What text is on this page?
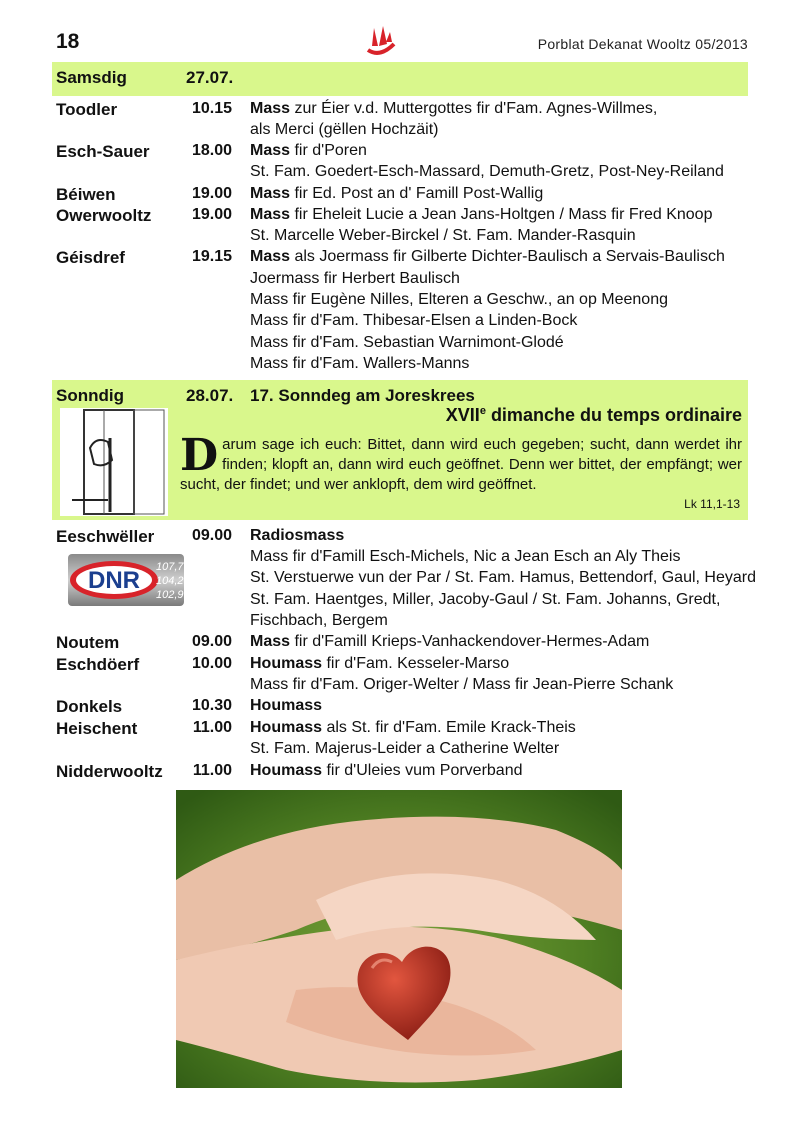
18	Porblat Dekanat Wooltz 05/2013
Samsdig	27.07.
Toodler	10.15 Mass zur Éier v.d. Muttergottes fir d'Fam. Agnes-Willmes,
als Merci (gëllen Hochzäit)
Esch-Sauer	18.00 Mass fir d'Poren
St. Fam. Goedert-Esch-Massard, Demuth-Gretz, Post-Ney-Reiland
Béiwen	19.00 Mass fir Ed. Post an d' Famill Post-Wallig
Owerwooltz	19.00 Mass fir Eheleit Lucie a Jean Jans-Holtgen / Mass fir Fred Knoop
St. Marcelle Weber-Birckel / St. Fam. Mander-Rasquin
Géisdref	19.15 Mass als Joermass fir Gilberte Dichter-Baulisch a Servais-Baulisch
Joermass fir Herbert Baulisch
Mass fir Eugène Nilles, Elteren a Geschw., an op Meenong
Mass fir d'Fam. Thibesar-Elsen a Linden-Bock
Mass fir d'Fam. Sebastian Warnimont-Glodé
Mass fir d'Fam. Wallers-Manns
Sonndig	28.07. 17. Sonndeg am Joreskrees
XVIIe dimanche du temps ordinaire
Darum sage ich euch: Bittet, dann wird euch gegeben; sucht, dann werdet ihr finden; klopft an, dann wird euch geöffnet. Denn wer bittet, der empfängt; wer sucht, der findet; und wer anklopft, dem wird geöffnet.
Lk 11,1-13
Eeschwëller 09.00 Radiosmass
Mass fir d'Famill Esch-Michels, Nic a Jean Esch an Aly Theis
St. Verstuerwe vun der Par / St. Fam. Hamus, Bettendorf, Gaul, Heyard
St. Fam. Haentges, Miller, Jacoby-Gaul / St. Fam. Johanns, Gredt,
Fischbach, Bergem
DNR 107,7
104,2
102,9
Noutem	09.00 Mass fir d'Famill Krieps-Vanhackendover-Hermes-Adam
Eschdöerf	10.00 Houmass fir d'Fam. Kesseler-Marso
Mass fir d'Fam. Origer-Welter / Mass fir Jean-Pierre Schank
Donkels	10.30 Houmass
Heischent	11.00 Houmass als St. fir d'Fam. Emile Krack-Theis
St. Fam. Majerus-Leider a Catherine Welter
Nidderwooltz 11.00 Houmass fir d'Uleies vum Porverband
